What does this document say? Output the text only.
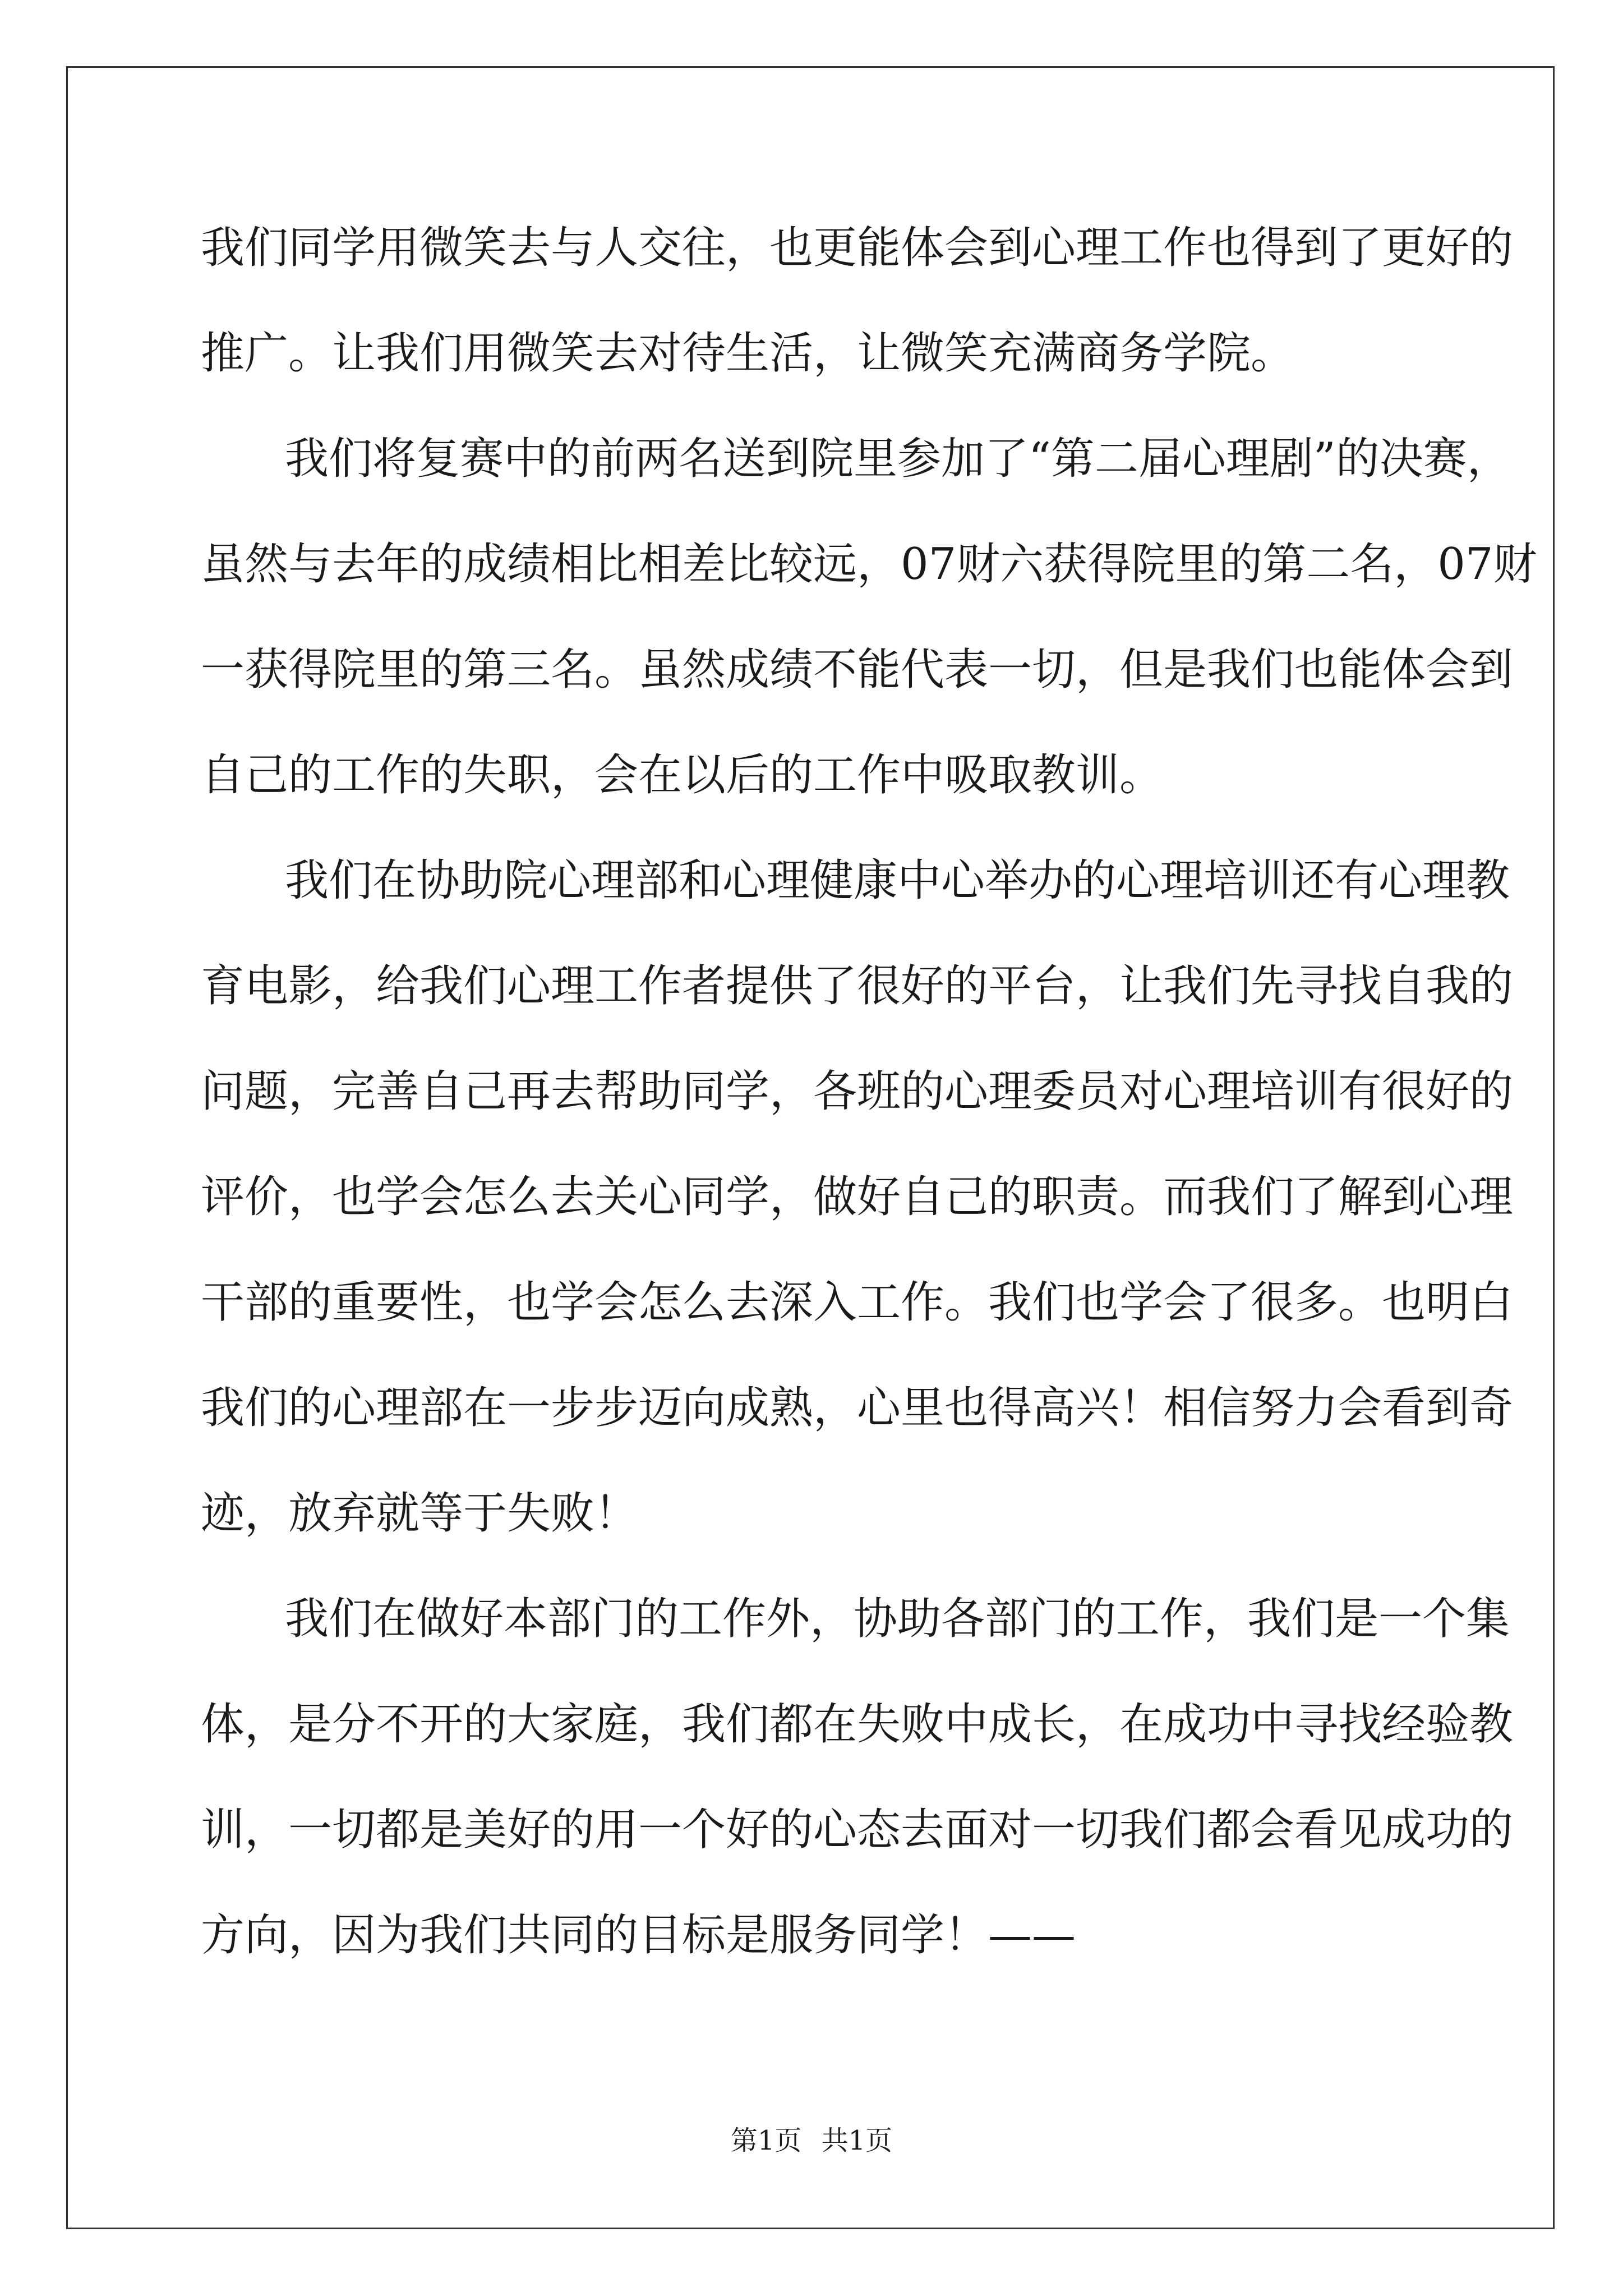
我们同学用微笑去与人交往，也更能体会到心理工作也得到了更好的
推广。让我们用微笑去对待生活，让微笑充满商务学院。
我们将复赛中的前两名送到院里参加了“第二届心理剧”的决赛，
虽然与去年的成绩相比相差比较远，07财六获得院里的第二名，07财
一获得院里的第三名。虽然成绩不能代表一切，但是我们也能体会到
自己的工作的失职，会在以后的工作中吸取教训。
我们在协助院心理部和心理健康中心举办的心理培训还有心理教
育电影，给我们心理工作者提供了很好的平台，让我们先寻找自我的
问题，完善自己再去帮助同学，各班的心理委员对心理培训有很好的
评价，也学会怎么去关心同学，做好自己的职责。而我们了解到心理
干部的重要性，也学会怎么去深入工作。我们也学会了很多。也明白
我们的心理部在一步步迈向成熟，心里也得高兴！相信努力会看到奇
迹，放弃就等于失败！
我们在做好本部门的工作外，协助各部门的工作，我们是一个集
体，是分不开的大家庭，我们都在失败中成长，在成功中寻找经验教
训，一切都是美好的用一个好的心态去面对一切我们都会看见成功的
方向，因为我们共同的目标是服务同学！——
第1页 共1页
